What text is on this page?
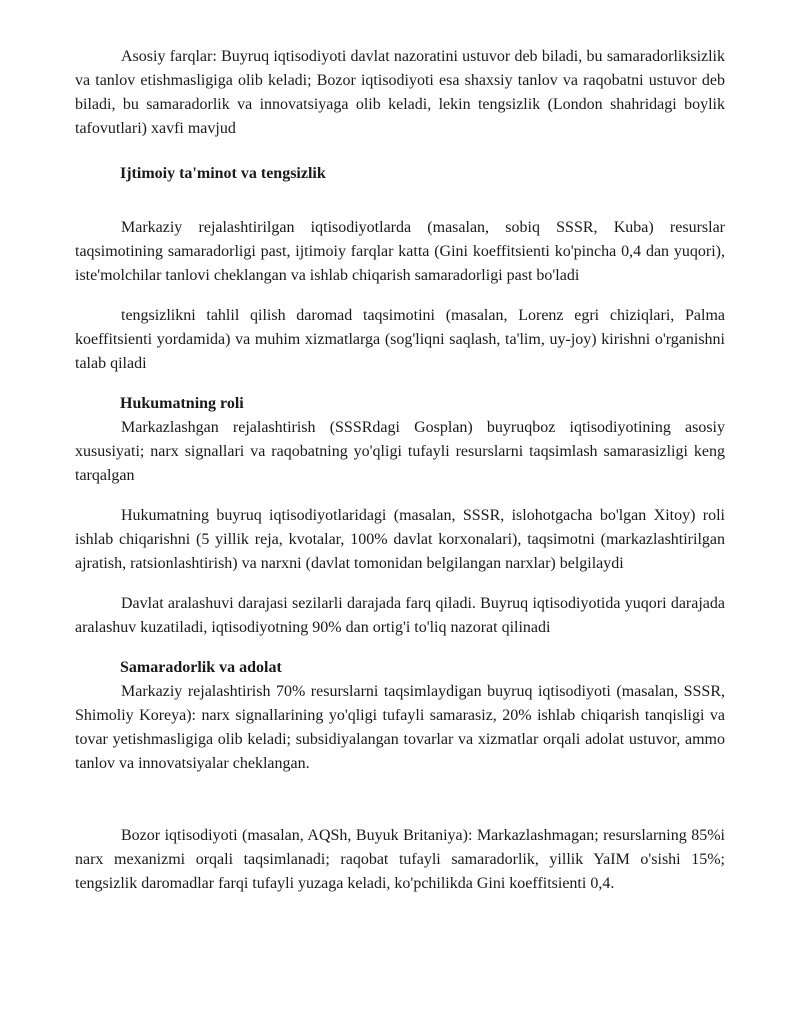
Asosiy farqlar: Buyruq iqtisodiyoti davlat nazoratini ustuvor deb biladi, bu samaradorliksizlik va tanlov etishmasligiga olib keladi; Bozor iqtisodiyoti esa shaxsiy tanlov va raqobatni ustuvor deb biladi, bu samaradorlik va innovatsiyaga olib keladi, lekin tengsizlik (London shahridagi boylik tafovutlari) xavfi mavjud

Ijtimoiy ta'minot va tengsizlik

Markaziy rejalashtirilgan iqtisodiyotlarda (masalan, sobiq SSSR, Kuba) resurslar taqsimotining samaradorligi past, ijtimoiy farqlar katta (Gini koeffitsienti ko'pincha 0,4 dan yuqori), iste'molchilar tanlovi cheklangan va ishlab chiqarish samaradorligi past bo'ladi

tengsizlikni tahlil qilish daromad taqsimotini (masalan, Lorenz egri chiziqlari, Palma koeffitsienti yordamida) va muhim xizmatlarga (sog'liqni saqlash, ta'lim, uy-joy) kirishni o'rganishni talab qiladi

Hukumatning roli

Markazlashgan rejalashtirish (SSSRdagi Gosplan) buyruqboz iqtisodiyotining asosiy xususiyati; narx signallari va raqobatning yo'qligi tufayli resurslarni taqsimlash samarasizligi keng tarqalgan

Hukumatning buyruq iqtisodiyotlaridagi (masalan, SSSR, islohotgacha bo'lgan Xitoy) roli ishlab chiqarishni (5 yillik reja, kvotalar, 100% davlat korxonalari), taqsimotni (markazlashtirilgan ajratish, ratsionlashtirish) va narxni (davlat tomonidan belgilangan narxlar) belgilaydi

Davlat aralashuvi darajasi sezilarli darajada farq qiladi. Buyruq iqtisodiyotida yuqori darajada aralashuv kuzatiladi, iqtisodiyotning 90% dan ortig'i to'liq nazorat qilinadi

Samaradorlik va adolat

Markaziy rejalashtirish 70% resurslarni taqsimlaydigan buyruq iqtisodiyoti (masalan, SSSR, Shimoliy Koreya): narx signallarining yo'qligi tufayli samarasiz, 20% ishlab chiqarish tanqisligi va tovar yetishmasligiga olib keladi; subsidiyalangan tovarlar va xizmatlar orqali adolat ustuvor, ammo tanlov va innovatsiyalar cheklangan.

Bozor iqtisodiyoti (masalan, AQSh, Buyuk Britaniya): Markazlashmagan; resurslarning 85%i narx mexanizmi orqali taqsimlanadi; raqobat tufayli samaradorlik, yillik YaIM o'sishi 15%; tengsizlik daromadlar farqi tufayli yuzaga keladi, ko'pchilikda Gini koeffitsienti 0,4.
